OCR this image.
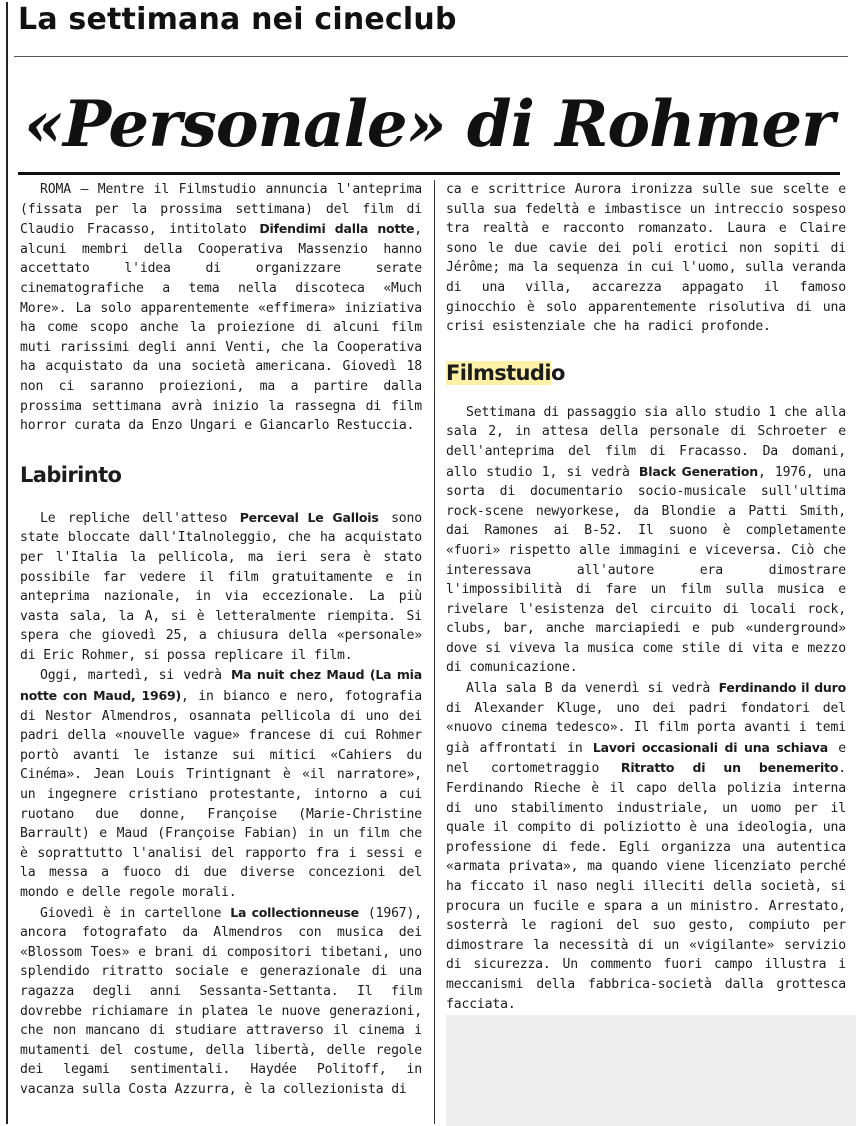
La settimana nei cineclub
«Personale» di Rohmer

ROMA — Mentre il Filmstudio annuncia l'anteprima (fissata per la prossima settimana) del film di Claudio Fracasso, intitolato Difendimi dalla notte, alcuni membri della Cooperativa Massenzio hanno accettato l'idea di organizzare serate cinematografiche a tema nella discoteca «Much More». La solo apparentemente «effimera» iniziativa ha come scopo anche la proiezione di alcuni film muti rarissimi degli anni Venti, che la Cooperativa ha acquistato da una società americana. Giovedì 18 non ci saranno proiezioni, ma a partire dalla prossima settimana avrà inizio la rassegna di film horror curata da Enzo Ungari e Giancarlo Restuccia.

Labirinto

Le repliche dell'atteso Perceval Le Gallois sono state bloccate dall'Italnoleggio, che ha acquistato per l'Italia la pellicola, ma ieri sera è stato possibile far vedere il film gratuitamente e in anteprima nazionale, in via eccezionale. La più vasta sala, la A, si è letteralmente riempita. Si spera che giovedì 25, a chiusura della «personale» di Eric Rohmer, si possa replicare il film.

Oggi, martedì, si vedrà Ma nuit chez Maud (La mia notte con Maud, 1969), in bianco e nero, fotografia di Nestor Almendros, osannata pellicola di uno dei padri della «nouvelle vague» francese di cui Rohmer portò avanti le istanze sui mitici «Cahiers du Cinéma». Jean Louis Trintignant è «il narratore», un ingegnere cristiano protestante, intorno a cui ruotano due donne, Françoise (Marie-Christine Barrault) e Maud (Françoise Fabian) in un film che è soprattutto l'analisi del rapporto fra i sessi e la messa a fuoco di due diverse concezioni del mondo e delle regole morali.

Giovedì è in cartellone La collectionneuse (1967), ancora fotografato da Almendros con musica dei «Blossom Toes» e brani di compositori tibetani, uno splendido ritratto sociale e generazionale di una ragazza degli anni Sessanta-Settanta. Il film dovrebbe richiamare in platea le nuove generazioni, che non mancano di studiare attraverso il cinema i mutamenti del costume, della libertà, delle regole dei legami sentimentali. Haydée Politoff, in vacanza sulla Costa Azzurra, è la collezionista di

ca e scrittrice Aurora ironizza sulle sue scelte e sulla sua fedeltà e imbastisce un intreccio sospeso tra realtà e racconto romanzato. Laura e Claire sono le due cavie dei poli erotici non sopiti di Jérôme; ma la sequenza in cui l'uomo, sulla veranda di una villa, accarezza appagato il famoso ginocchio è solo apparentemente risolutiva di una crisi esistenziale che ha radici profonde.

Filmstudio

Settimana di passaggio sia allo studio 1 che alla sala 2, in attesa della personale di Schroeter e dell'anteprima del film di Fracasso. Da domani, allo studio 1, si vedrà Black Generation, 1976, una sorta di documentario socio-musicale sull'ultima rock-scene newyorkese, da Blondie a Patti Smith, dai Ramones ai B-52. Il suono è completamente «fuori» rispetto alle immagini e viceversa. Ciò che interessava all'autore era dimostrare l'impossibilità di fare un film sulla musica e rivelare l'esistenza del circuito di locali rock, clubs, bar, anche marciapiedi e pub «underground» dove si viveva la musica come stile di vita e mezzo di comunicazione.

Alla sala B da venerdì si vedrà Ferdinando il duro di Alexander Kluge, uno dei padri fondatori del «nuovo cinema tedesco». Il film porta avanti i temi già affrontati in Lavori occasionali di una schiava e nel cortometraggio Ritratto di un benemerito. Ferdinando Rieche è il capo della polizia interna di uno stabilimento industriale, un uomo per il quale il compito di poliziotto è una ideologia, una professione di fede. Egli organizza una autentica «armata privata», ma quando viene licenziato perché ha ficcato il naso negli illeciti della società, si procura un fucile e spara a un ministro. Arrestato, sosterrà le ragioni del suo gesto, compiuto per dimostrare la necessità di un «vigilante» servizio di sicurezza. Un commento fuori campo illustra i meccanismi della fabbrica-società dalla grottesca facciata.
